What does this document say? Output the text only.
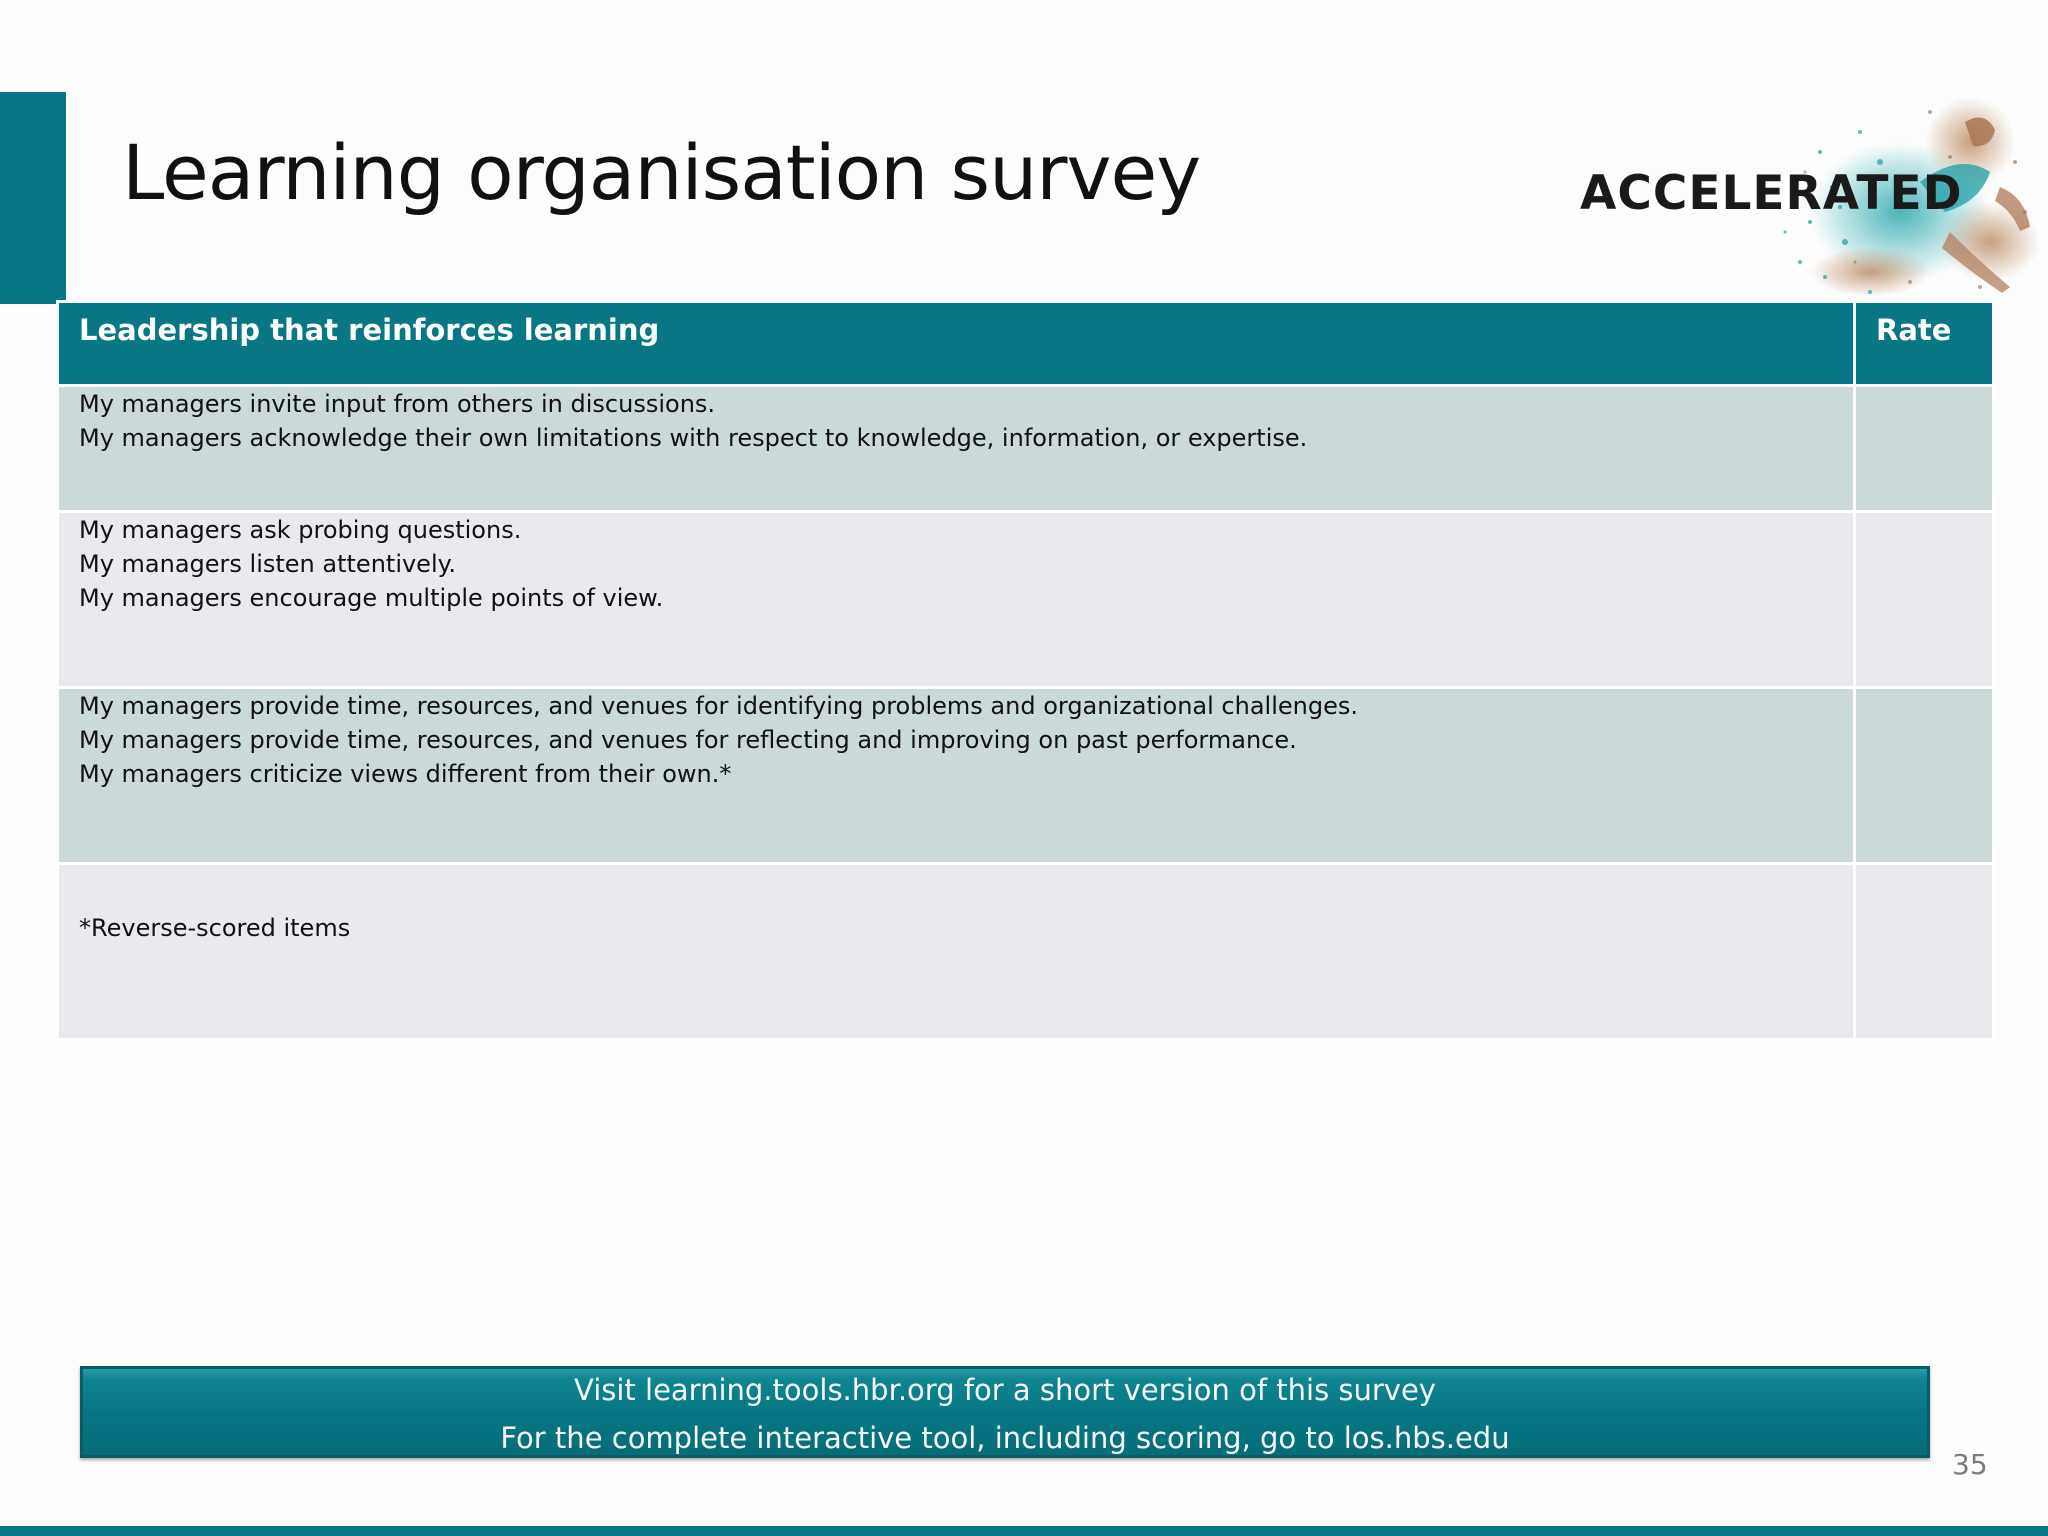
Learning organisation survey	ACCELERATED
Leadership that reinforces learning	Rate

My managers invite input from others in discussions.
My managers acknowledge their own limitations with respect to knowledge, information, or expertise.	

My managers ask probing questions.
My managers listen attentively.
My managers encourage multiple points of view.	

My managers provide time, resources, and venues for identifying problems and organizational challenges.
My managers provide time, resources, and venues for reflecting and improving on past performance.
My managers criticize views different from their own.*	

*Reverse-scored items	

Visit learning.tools.hbr.org for a short version of this survey
For the complete interactive tool, including scoring, go to los.hbs.edu
35
